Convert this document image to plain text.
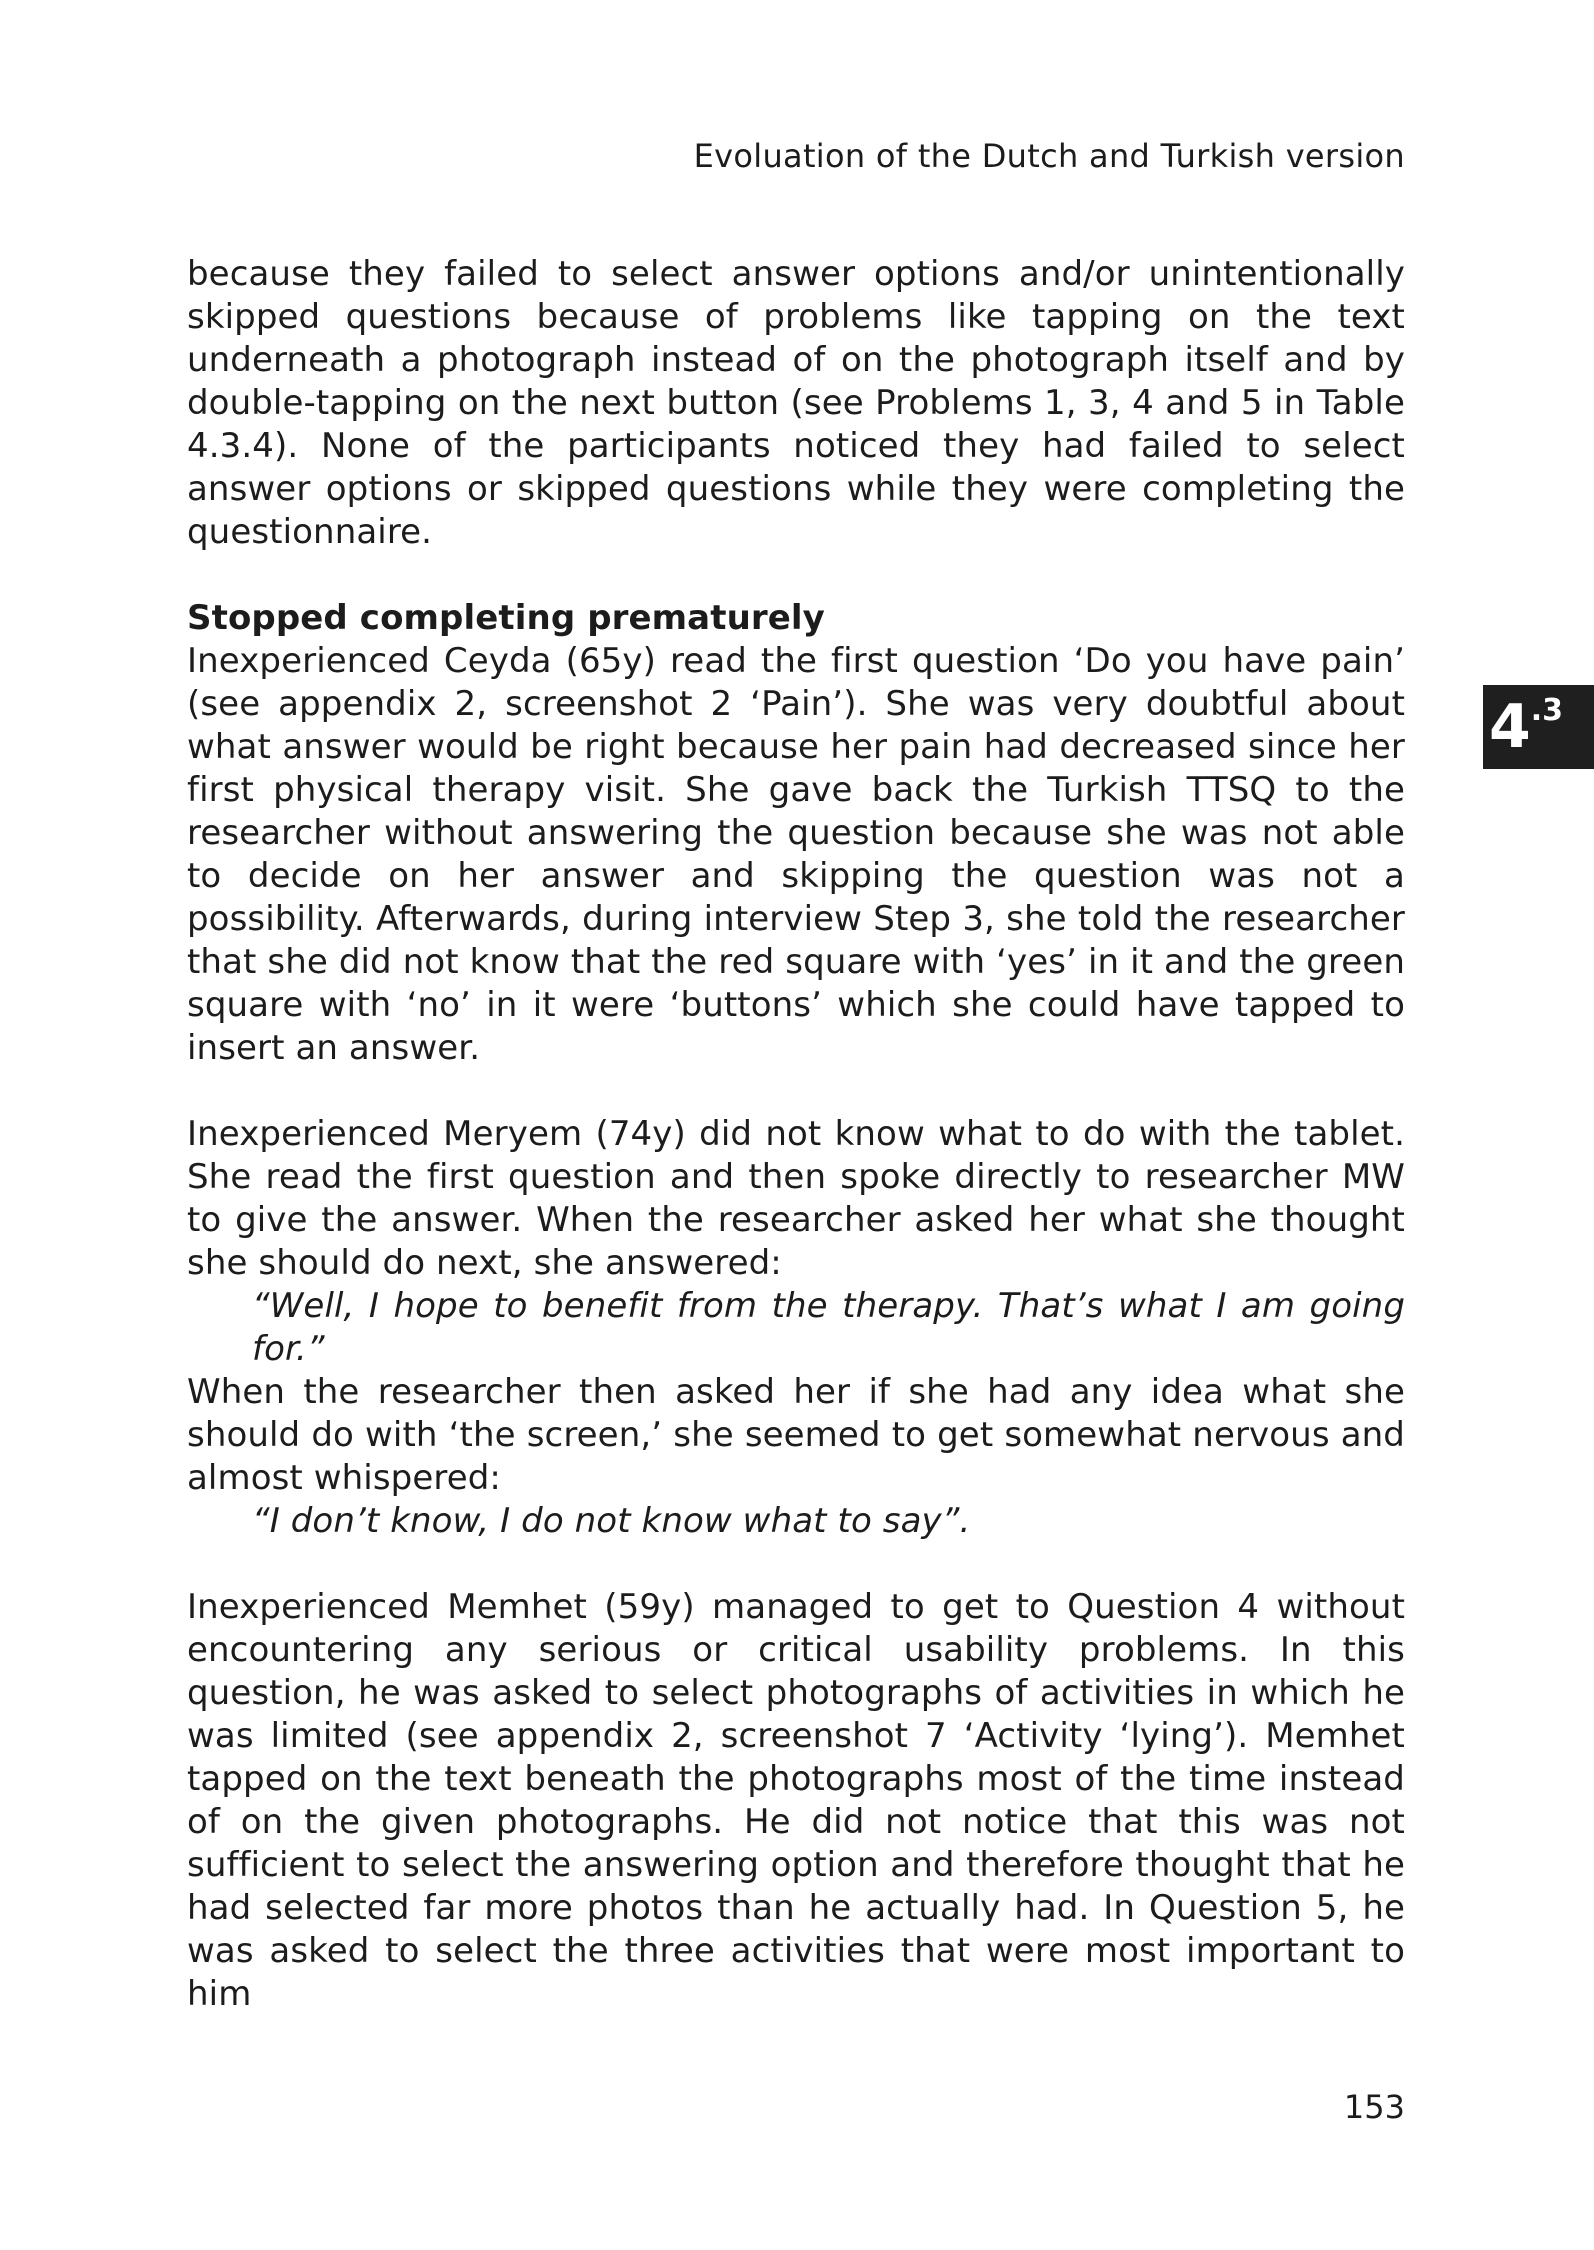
Evoluation of the Dutch and Turkish version
4 .3

because they failed to select answer options and/or unintentionally skipped questions because of problems like tapping on the text underneath a photograph instead of on the photograph itself and by double-tapping on the next button (see Problems 1, 3, 4 and 5 in Table 4.3.4). None of the participants noticed they had failed to select answer options or skipped questions while they were completing the questionnaire.

Stopped completing prematurely

Inexperienced Ceyda (65y) read the first question ‘Do you have pain’ (see appendix 2, screenshot 2 ‘Pain’). She was very doubtful about what answer would be right because her pain had decreased since her first physical therapy visit. She gave back the Turkish TTSQ to the researcher without answering the question because she was not able to decide on her answer and skipping the question was not a possibility. Afterwards, during interview Step 3, she told the researcher that she did not know that the red square with ‘yes’ in it and the green square with ‘no’ in it were ‘buttons’ which she could have tapped to insert an answer.

Inexperienced Meryem (74y) did not know what to do with the tablet. She read the first question and then spoke directly to researcher MW to give the answer. When the researcher asked her what she thought she should do next, she answered:

“Well, I hope to benefit from the therapy. That’s what I am going for.”

When the researcher then asked her if she had any idea what she should do with ‘the screen,’ she seemed to get somewhat nervous and almost whispered:

“I don’t know, I do not know what to say”.

Inexperienced Memhet (59y) managed to get to Question 4 without encountering any serious or critical usability problems. In this question, he was asked to select photographs of activities in which he was limited (see appendix 2, screenshot 7 ‘Activity ‘lying’). Memhet tapped on the text beneath the photographs most of the time instead of on the given photographs. He did not notice that this was not sufficient to select the answering option and therefore thought that he had selected far more photos than he actually had. In Question 5, he was asked to select the three activities that were most important to him

153
